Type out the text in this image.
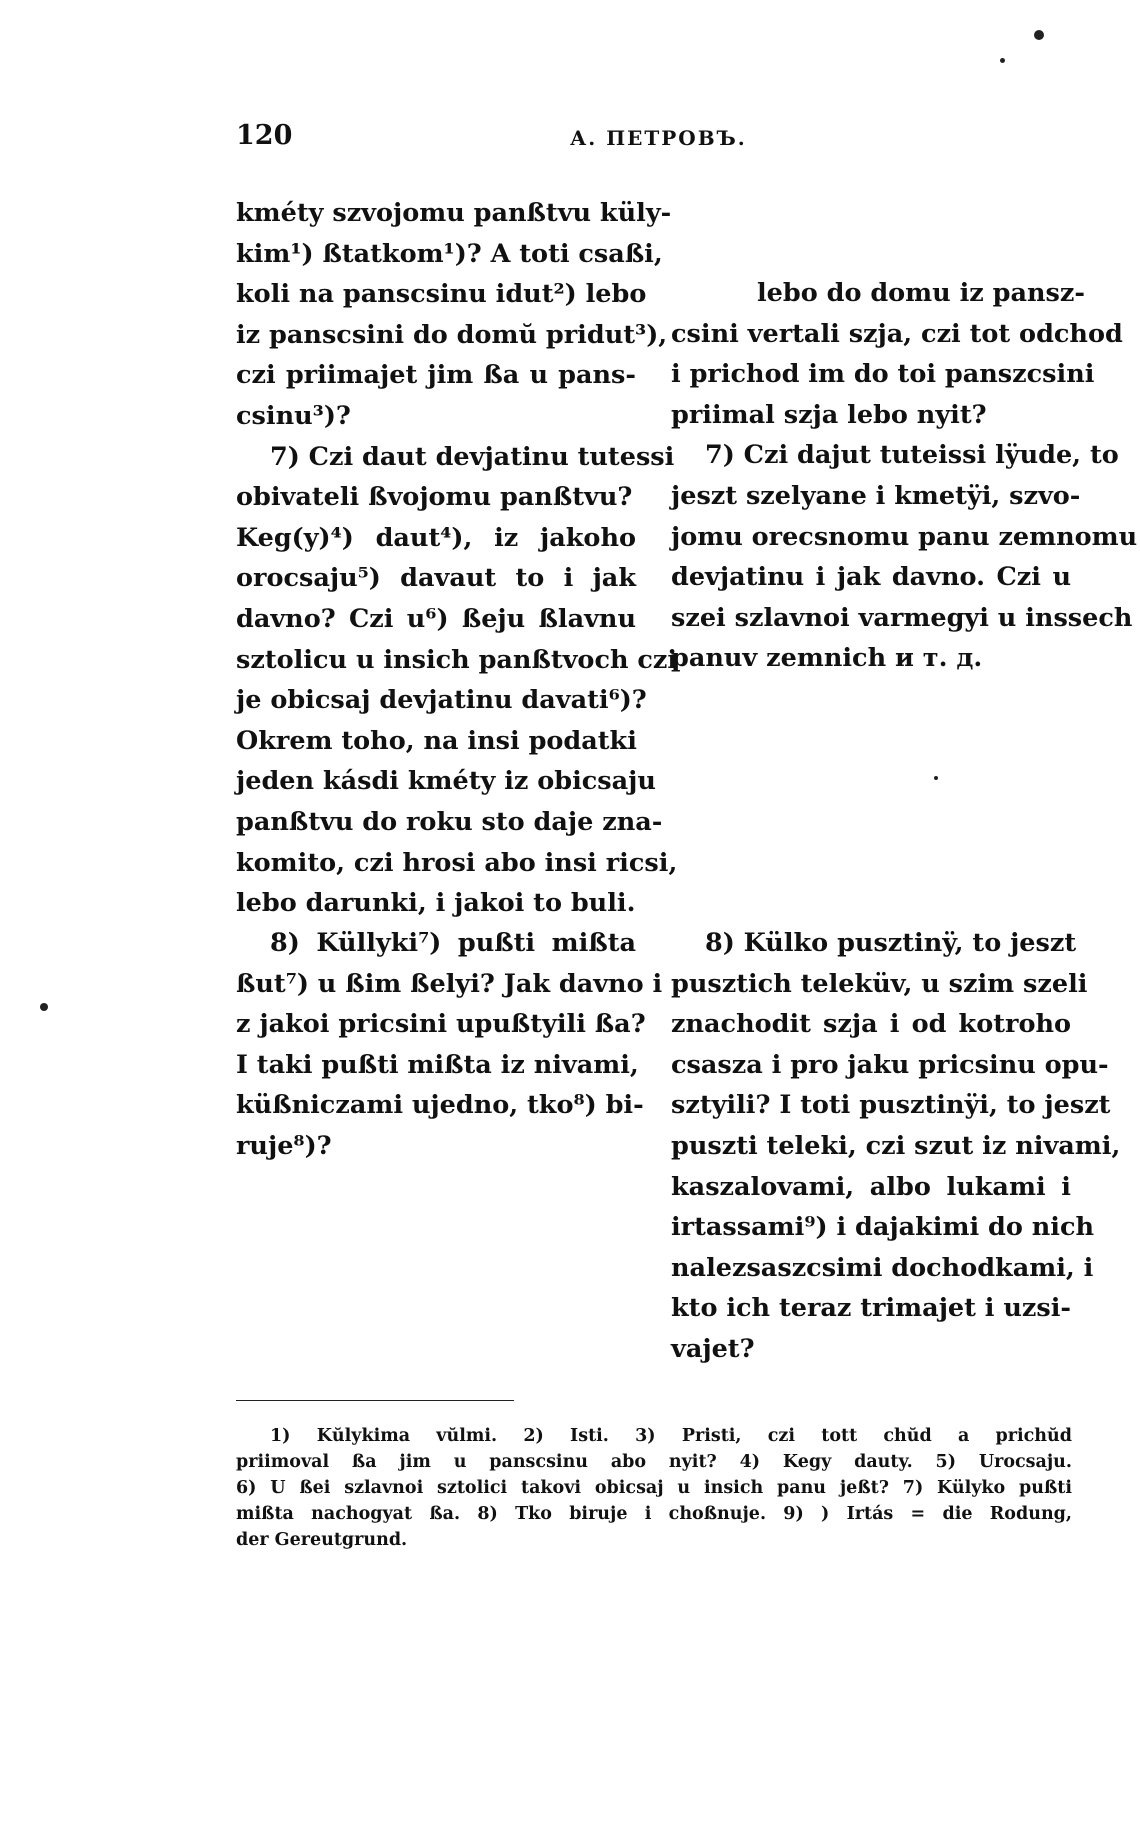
120	А. ПЕТРОВЪ.
kméty szvojomu panßtvu küly-
kim¹) ßtatkom¹)? A toti csaßi,
koli na panscsinu idut²) lebo
iz panscsini do domŭ pridut³),
czi priimajet jim ßa u pans-
csinu³)?
7) Czi daut devjatinu tutessi
obivateli ßvojomu panßtvu?
Keg(y)⁴) daut⁴), iz jakoho
orocsaju⁵) davaut to i jak
davno? Czi u⁶) ßeju ßlavnu
sztolicu u insich panßtvoch czi
je obicsaj devjatinu davati⁶)?
Okrem toho, na insi podatki
jeden kásdi kméty iz obicsaju
panßtvu do roku sto daje zna-
komito, czi hrosi abo insi ricsi,
lebo darunki, i jakoi to buli.
8) Küllyki⁷) pußti mißta
ßut⁷) u ßim ßelyi? Jak davno i
z jakoi pricsini upußtyili ßa?
I taki pußti mißta iz nivami,
küßniczami ujedno, tko⁸) bi-
ruje⁸)?
lebo do domu iz pansz-
csini vertali szja, czi tot odchod
i prichod im do toi panszcsini
priimal szja lebo nyit?
7) Czi dajut tuteissi lÿude, to
jeszt szelyane i kmetÿi, szvo-
jomu orecsnomu panu zemnomu
devjatinu i jak davno. Czi u
szei szlavnoi varmegyi u inssech
panuv zemnich и т. д.
8) Külko pusztinÿ, to jeszt
pusztich teleküv, u szim szeli
znachodit szja i od kotroho
csasza i pro jaku pricsinu opu-
sztyili? I toti pusztinÿi, to jeszt
puszti teleki, czi szut iz nivami,
kaszalovami, albo lukami i
irtassami⁹) i dajakimi do nich
nalezsaszcsimi dochodkami, i
kto ich teraz trimajet i uzsi-
vajet?
1) Kŭlykima vŭlmi. 2) Isti. 3) Pristi, czi tott chŭd a prichŭd
priimoval ßa jim u panscsinu abo nyit? 4) Kegy dauty. 5) Urocsaju.
6) U ßei szlavnoi sztolici takovi obicsaj u insich panu jeßt? 7) Külyko pußti
mißta nachogyat ßa. 8) Tko biruje i choßnuje. 9) ) Irtás = die Rodung,
der Gereutgrund.
